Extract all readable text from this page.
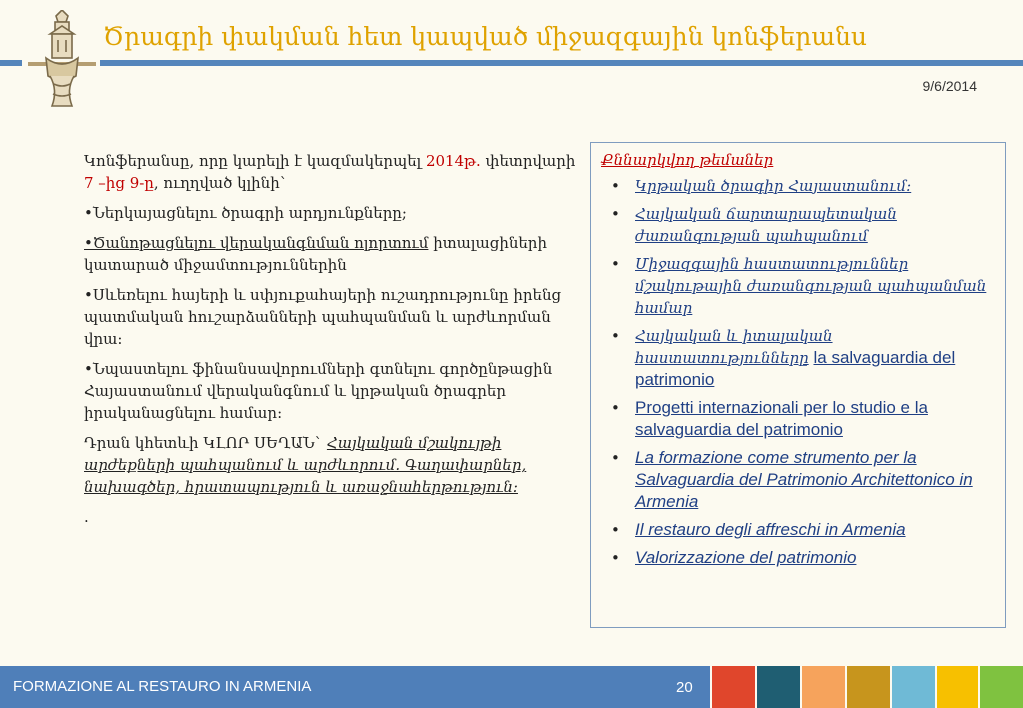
Ծրագրի փակման հետ կապված միջազգային կոնֆերանս
9/6/2014

Կոնֆերանսը, որը կարելի է կազմակերպել 2014թ. փետրվարի 7 –ից 9-ը, ուղղված կլինի`

•Ներկայացնելու ծրագրի արդյունքները;

•Ծանոթացնելու վերականգնման ոլորտում իտալացիների կատարած միջամտություններին

•Սևեռելու հայերի և սփյուքահայերի ուշադրությունը իրենց պատմական հուշարձանների պահպանման և արժևորման վրա:

•Նպաստելու ֆինանսավորումների գտնելու գործընթացին Հայաստանում վերականգնում և կրթական ծրագրեր իրականացնելու համար:

Դրան կհետևի ԿԼՈՐ ՍԵՂԱՆ` Հայկական մշակույթի արժեքների պահպանում և արժևորում. Գաղափարներ, նախագծեր, հրատապություն և առաջնահերթություն:

.

Քննարկվող թեմաներ
• Կրթական ծրագիր Հայաստանում:
• Հայկական ճարտարապետական ժառանգության պահպանում
• Միջազգային հաստատություններ մշակութային ժառանգության պահպանման համար
• Հայկական և իտալական հաստատությունները la salvaguardia del patrimonio
• Progetti internazionali per lo studio e la salvaguardia del patrimonio
• La formazione come strumento per la Salvaguardia del Patrimonio Architettonico in Armenia
• Il restauro degli affreschi in Armenia
• Valorizzazione del patrimonio
FORMAZIONE AL RESTAURO IN ARMENIA	20
